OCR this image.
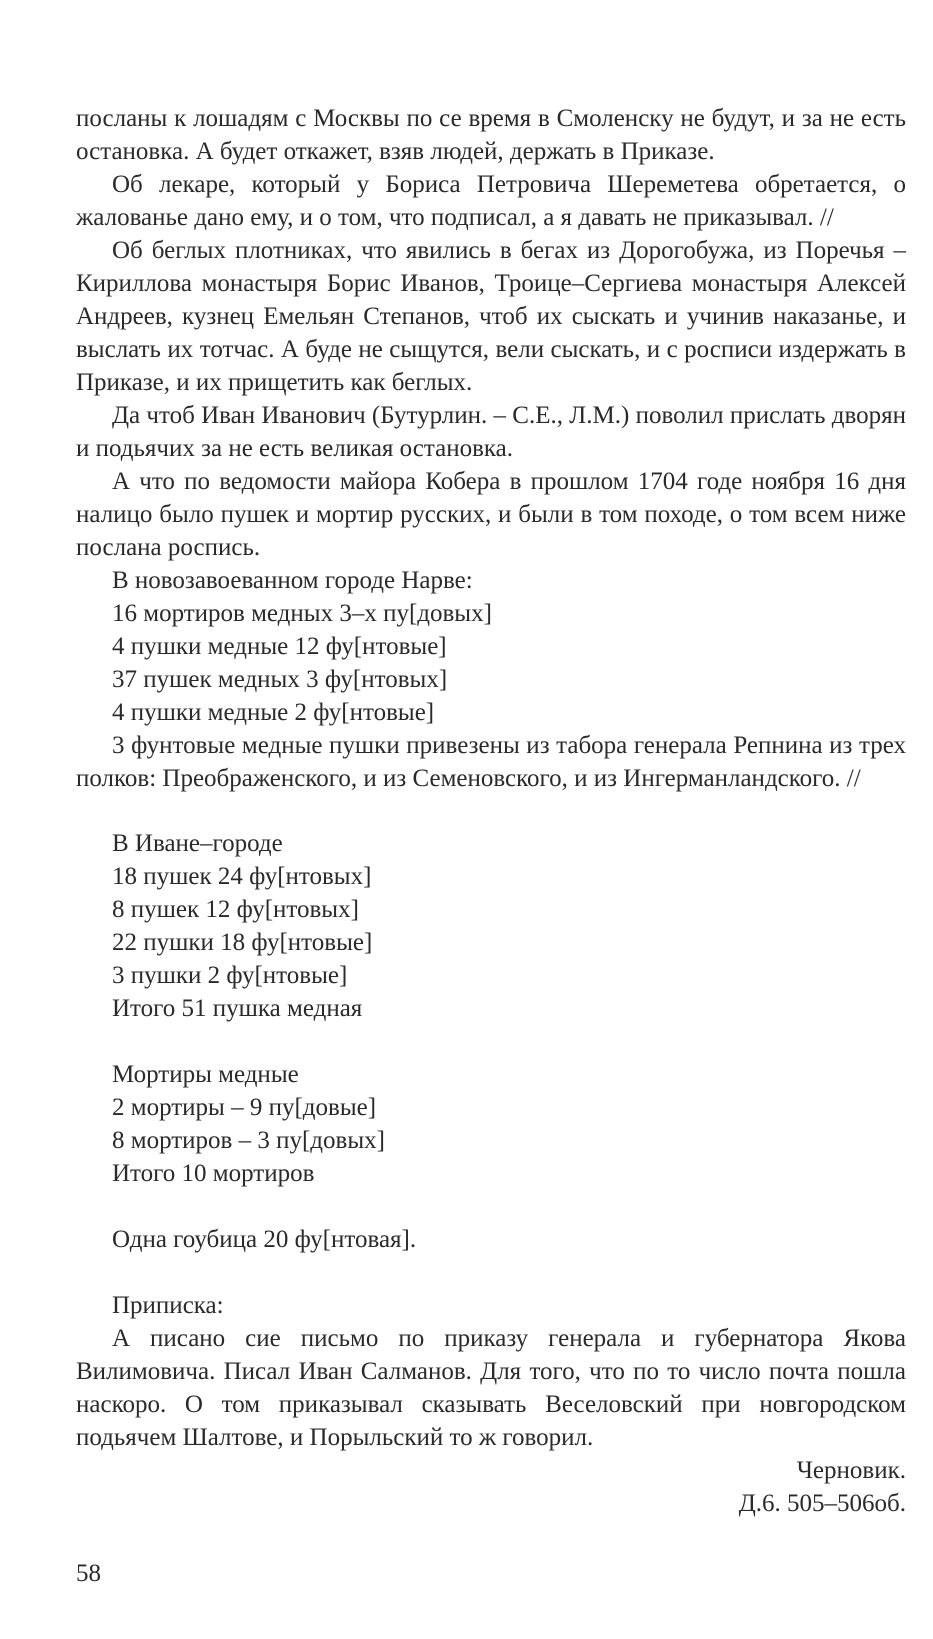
посланы к лошадям с Москвы по се время в Смоленску не будут, и за не есть остановка. А будет откажет, взяв людей, держать в Приказе.

Об лекаре, который у Бориса Петровича Шереметева обретается, о жалованье дано ему, и о том, что подписал, а я давать не приказывал. //

Об беглых плотниках, что явились в бегах из Дорогобужа, из Поречья – Кириллова монастыря Борис Иванов, Троице–Сергиева монастыря Алексей Андреев, кузнец Емельян Степанов, чтоб их сыскать и учинив наказанье, и выслать их тотчас. А буде не сыщутся, вели сыскать, и с росписи издержать в Приказе, и их прищетить как беглых.

Да чтоб Иван Иванович (Бутурлин. – С.Е., Л.М.) поволил прислать дворян и подьячих за не есть великая остановка.

А что по ведомости майора Кобера в прошлом 1704 годе ноября 16 дня налицо было пушек и мортир русских, и были в том походе, о том всем ниже послана роспись.

В новозавоеванном городе Нарве:
16 мортиров медных 3–х пу[довых]
4 пушки медные 12 фу[нтовые]
37 пушек медных 3 фу[нтовых]
4 пушки медные 2 фу[нтовые]

3 фунтовые медные пушки привезены из табора генерала Репнина из трех полков: Преображенского, и из Семеновского, и из Ингерманландского. //

В Иване–городе
18 пушек 24 фу[нтовых]
8 пушек 12 фу[нтовых]
22 пушки 18 фу[нтовые]
3 пушки 2 фу[нтовые]
Итого 51 пушка медная
Мортиры медные
2 мортиры – 9 пу[довые]
8 мортиров – 3 пу[довых]
Итого 10 мортиров
Одна гоубица 20 фу[нтовая].
Приписка:

А писано сие письмо по приказу генерала и губернатора Якова Вилимовича. Писал Иван Салманов. Для того, что по то число почта пошла наскоро. О том приказывал сказывать Веселовский при новгородском подьячем Шалтове, и Порыльский то ж говорил.

Черновик.

Д.6. 505–506об.

58
